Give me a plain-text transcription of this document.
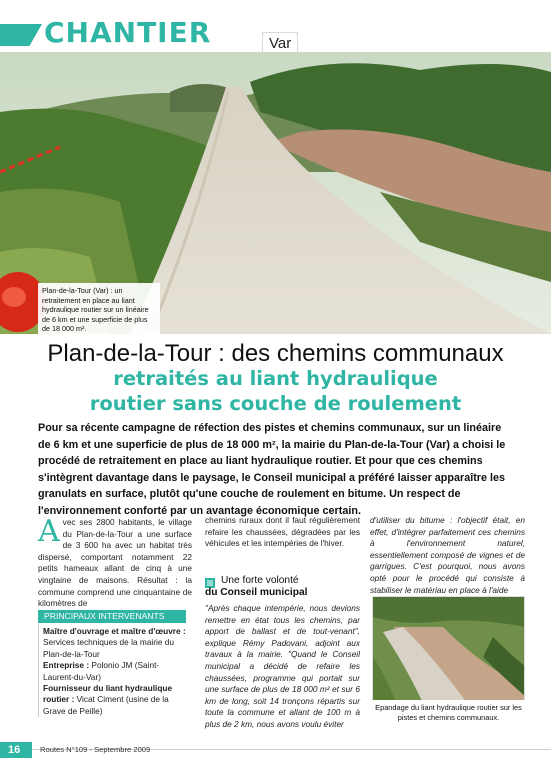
CHANTIER	Var
Plan-de-la-Tour (Var) : un retraitement en place au liant hydraulique routier sur un linéaire de 6 km et une superficie de plus de 18 000 m².
Plan-de-la-Tour : des chemins communaux
retraités au liant hydraulique
routier sans couche de roulement

Pour sa récente campagne de réfection des pistes et chemins communaux, sur un linéaire de 6 km et une superficie de plus de 18 000 m², la mairie du Plan-de-la-Tour (Var) a choisi le procédé de retraitement en place au liant hydraulique routier. Et pour que ces chemins s'intègrent davantage dans le paysage, le Conseil municipal a préféré laisser apparaître les granulats en surface, plutôt qu'une couche de roulement en bitume. Un respect de l'environnement conforté par un avantage économique certain.

Avec ses 2800 habitants, le village du Plan-de-la-Tour a une surface de 3 600 ha avec un habitat très dispersé, comportant notamment 22 petits hameaux allant de cinq à une vingtaine de maisons. Résultat : la commune comprend une cinquantaine de kilomètres de
PRINCIPAUX INTERVENANTS
Maître d'ouvrage et maître d'œuvre : Services techniques de la mairie du Plan-de-la-Tour
Entreprise : Polonio JM (Saint-Laurent-du-Var)
Fournisseur du liant hydraulique routier : Vicat Ciment (usine de la Grave de Peille)
chemins ruraux dont il faut régulièrement refaire les chaussées, dégradées par les véhicules et les intempéries de l'hiver.
Une forte volonté
du Conseil municipal
"Après chaque intempérie, nous devions remettre en état tous les chemins, par apport de ballast et de tout-venant", explique Rémy Padovani, adjoint aux travaux à la mairie. "Quand le Conseil municipal a décidé de refaire les chaussées, programme qui portait sur une surface de plus de 18 000 m² et sur 6 km de long, soit 14 tronçons répartis sur toute la commune et allant de 100 m à plus de 2 km, nous avons voulu éviter
d'utiliser du bitume : l'objectif était, en effet, d'intégrer parfaitement ces chemins à l'environnement naturel, essentiellement composé de vignes et de garrigues. C'est pourquoi, nous avons opté pour le procédé qui consiste à stabiliser le matériau en place à l'aide
Epandage du liant hydraulique routier sur les pistes et chemins communaux.
16	Routes N°109 - Septembre 2009
